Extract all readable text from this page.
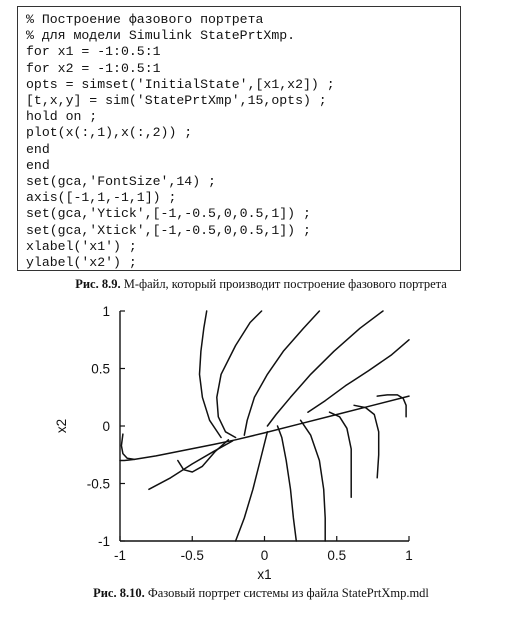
% Построение фазового портрета
% для модели Simulink StatePrtXmp.
for x1 = -1:0.5:1
for x2 = -1:0.5:1
opts = simset('InitialState',[x1,x2]) ;
[t,x,y] = sim('StatePrtXmp',15,opts) ;
hold on ;
plot(x(:,1),x(:,2)) ;
end
end
set(gca,'FontSize',14) ;
axis([-1,1,-1,1]) ;
set(gca,'Ytick',[-1,-0.5,0,0.5,1]) ;
set(gca,'Xtick',[-1,-0.5,0,0.5,1]) ;
xlabel('x1') ;
ylabel('x2') ;
Рис. 8.9. М-файл, который производит построение фазового портрета
-1	-0.5	0	0.5	1
1
0.5
0
-0.5
-1
x1
x2
Рис. 8.10. Фазовый портрет системы из файла StatePrtXmp.mdl
